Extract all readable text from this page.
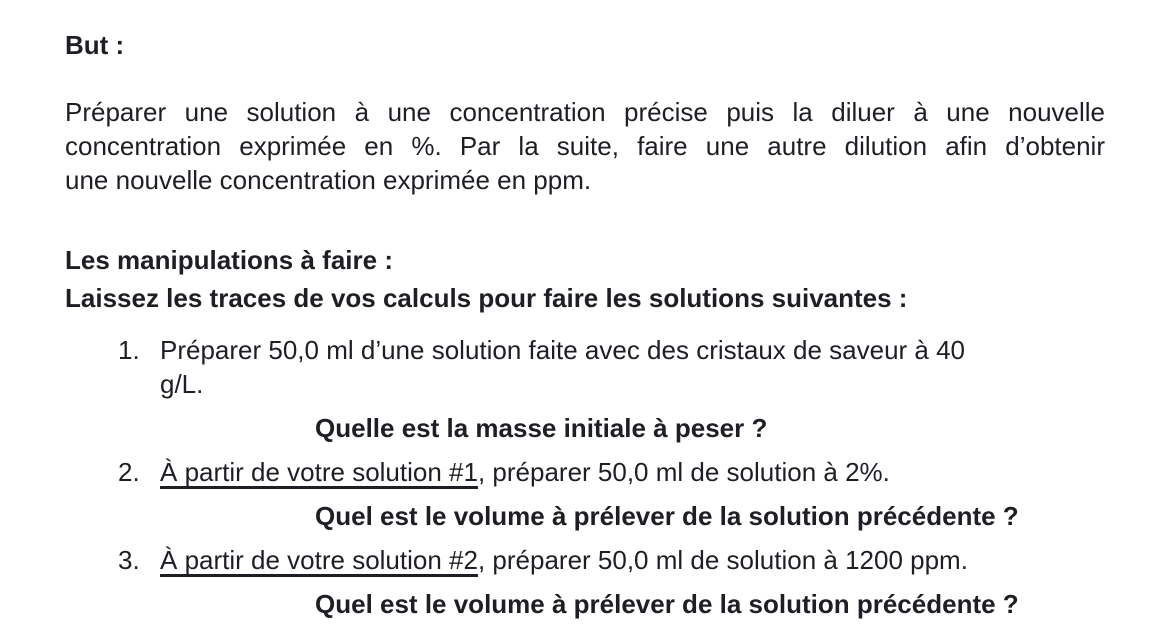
But :

Préparer une solution à une concentration précise puis la diluer à une nouvelle
concentration exprimée en %. Par la suite, faire une autre dilution afin d’obtenir
une nouvelle concentration exprimée en ppm.

Les manipulations à faire :

Laissez les traces de vos calculs pour faire les solutions suivantes :

1. Préparer 50,0 ml d’une solution faite avec des cristaux de saveur à 40
g/L.
Quelle est la masse initiale à peser ?
2. À partir de votre solution #1, préparer 50,0 ml de solution à 2%.
Quel est le volume à prélever de la solution précédente ?
3. À partir de votre solution #2, préparer 50,0 ml de solution à 1200 ppm.
Quel est le volume à prélever de la solution précédente ?
